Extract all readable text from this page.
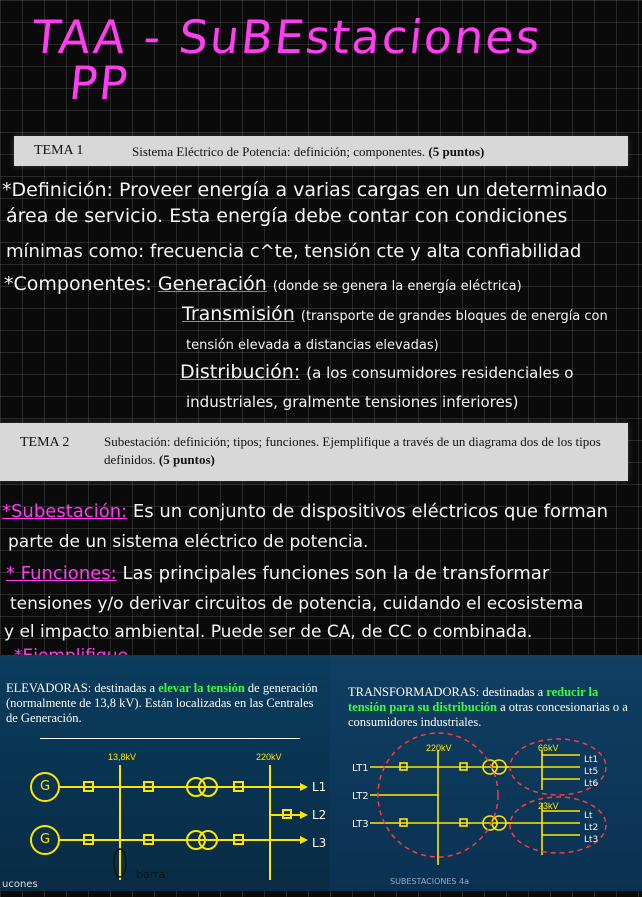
TAA - SuBEstaciones
PP
TEMA 1	Sistema Eléctrico de Potencia: definición; componentes. (5 puntos)
*Definición: Proveer energía a varias cargas en un determinado
área de servicio. Esta energía debe contar con condiciones
mínimas como: frecuencia c^te, tensión cte y alta confiabilidad
*Componentes: Generación (donde se genera la energía eléctrica)
Transmisión (transporte de grandes bloques de energía con
tensión elevada a distancias elevadas)
Distribución: (a los consumidores residenciales o
industriales, gralmente tensiones inferiores)
TEMA 2	Subestación: definición; tipos; funciones. Ejemplifique a través de un diagrama dos de los tipos definidos. (5 puntos)
*Subestación: Es un conjunto de dispositivos eléctricos que forman
parte de un sistema eléctrico de potencia.
* Funciones: Las principales funciones son la de transformar
tensiones y/o derivar circuitos de potencia, cuidando el ecosistema
y el impacto ambiental. Puede ser de CA, de CC o combinada.
ELEVADORAS: destinadas a elevar la tensión de generación (normalmente de 13,8 kV). Están localizadas en las Centrales de Generación.
13,8kV	220kV
G
G
L1
L2
L3
barra
ucones
TRANSFORMADORAS: destinadas a reducir la tensión para su distribución a otras concesionarias o a consumidores industriales.
220kV	66kV
23kV
LT1
LT2
LT3
Lt1
Lt5
Lt6
Lt
Lt2
Lt3
SUBESTACIONES 4a
